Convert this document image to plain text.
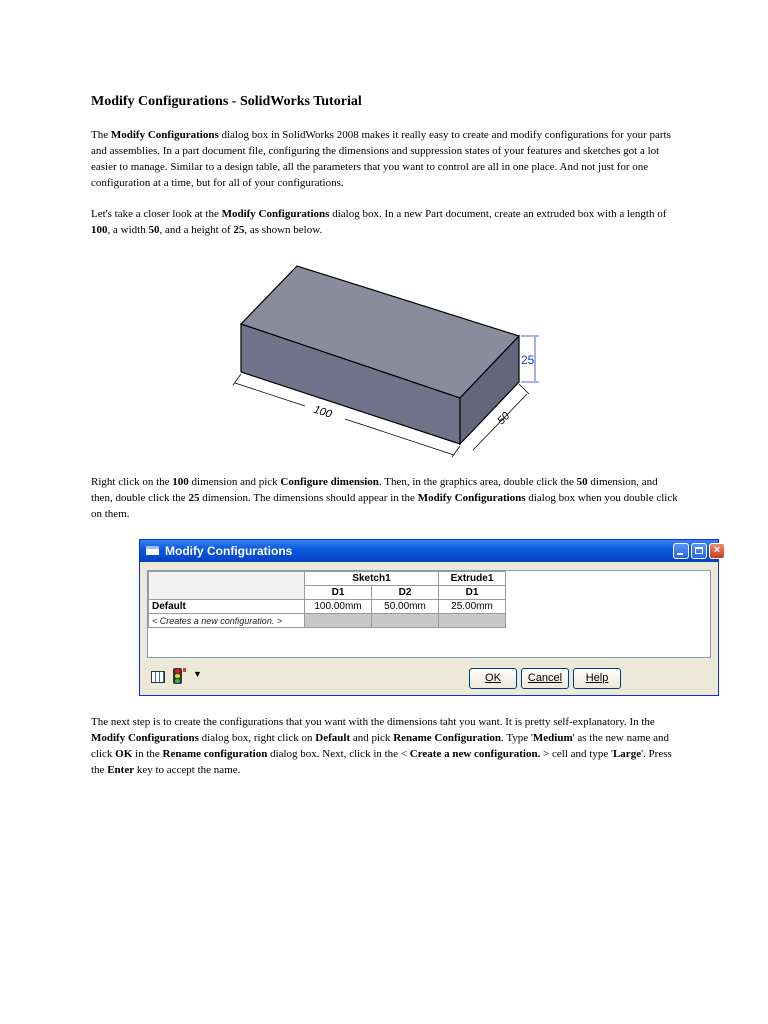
Modify Configurations - SolidWorks Tutorial

The Modify Configurations dialog box in SolidWorks 2008 makes it really easy to create and modify configurations for your parts and assemblies. In a part document file, configuring the dimensions and suppression states of your features and sketches got a lot easier to manage. Similar to a design table, all the parameters that you want to control are all in one place. And not just for one configuration at a time, but for all of your configurations.

Let's take a closer look at the Modify Configurations dialog box. In a new Part document, create an extruded box with a length of 100, a width 50, and a height of 25, as shown below.

100	50
25

Right click on the 100 dimension and pick Configure dimension. Then, in the graphics area, double click the 50 dimension, and then, double click the 25 dimension. The dimensions should appear in the Modify Configurations dialog box when you double click on them.

Modify Configurations	×
	Sketch1		Extrude1
	D1	D2	D1
Default	100.00mm	50.00mm	25.00mm
< Creates a new configuration. >			
▼	OK	Cancel	Help

The next step is to create the configurations that you want with the dimensions taht you want. It is pretty self-explanatory. In the Modify Configurations dialog box, right click on Default and pick Rename Configuration. Type 'Medium' as the new name and click OK in the Rename configuration dialog box. Next, click in the < Create a new configuration. > cell and type 'Large'. Press the Enter key to accept the name.
